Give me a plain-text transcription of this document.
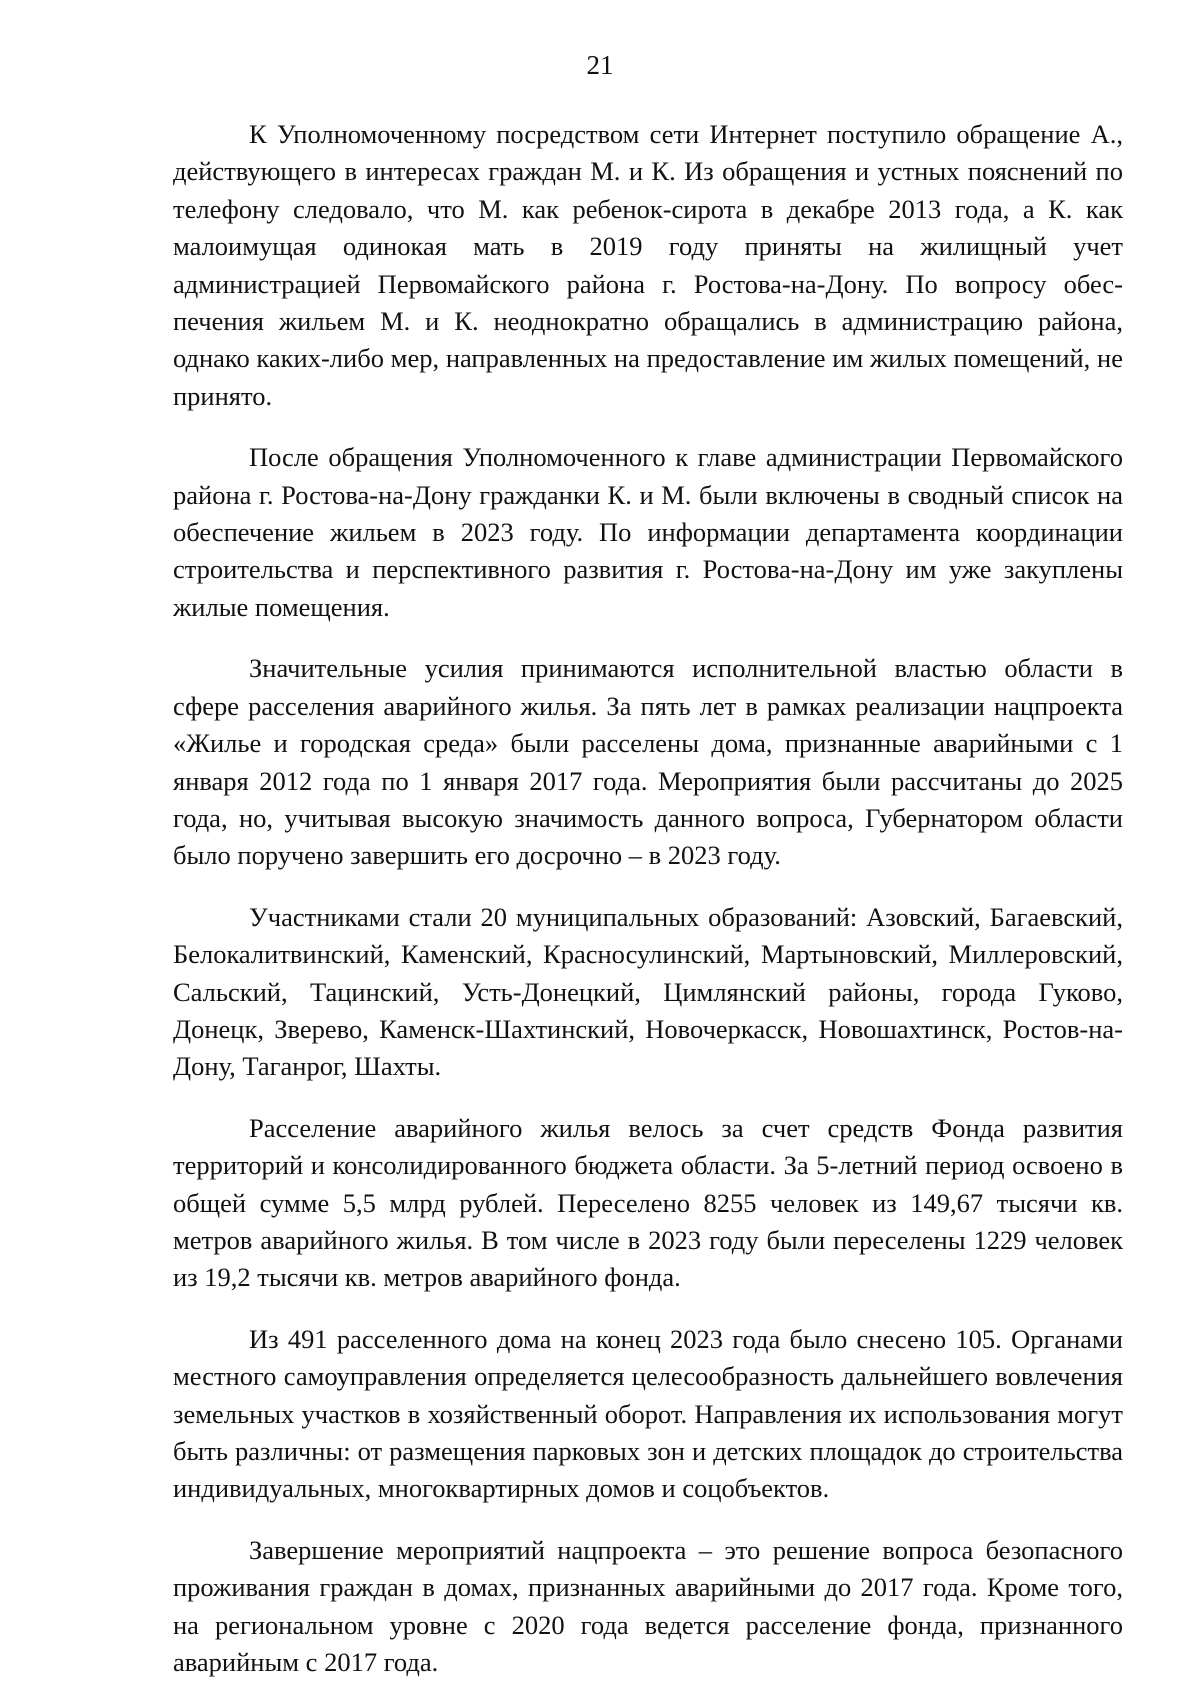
21

К Уполномоченному посредством сети Интернет поступило обращение А., действующего в интересах граждан М. и К. Из обращения и устных пояснений по телефону следовало, что М. как ребенок-сирота в декабре 2013 года, а К. как малоимущая одинокая мать в 2019 году приняты на жилищный учет администрацией Первомайского района г. Ростова-на-Дону. По вопросу обеспечения жильем М. и К. неоднократно обращались в администрацию района, однако каких-либо мер, направленных на предоставление им жилых помещений, не принято.

После обращения Уполномоченного к главе администрации Первомайского района г. Ростова-на-Дону гражданки К. и М. были включены в сводный список на обеспечение жильем в 2023 году. По информации департамента координации строительства и перспективного развития г. Ростова-на-Дону им уже закуплены жилые помещения.

Значительные усилия принимаются исполнительной властью области в сфере расселения аварийного жилья. За пять лет в рамках реализации нацпроекта «Жилье и городская среда» были расселены дома, признанные аварийными с 1 января 2012 года по 1 января 2017 года. Мероприятия были рассчитаны до 2025 года, но, учитывая высокую значимость данного вопроса, Губернатором области было поручено завершить его досрочно – в 2023 году.

Участниками стали 20 муниципальных образований: Азовский, Багаевский, Белокалитвинский, Каменский, Красносулинский, Мартыновский, Миллеровский, Сальский, Тацинский, Усть-Донецкий, Цимлянский районы, города Гуково, Донецк, Зверево, Каменск-Шахтинский, Новочеркасск, Новошахтинск, Ростов-на-Дону, Таганрог, Шахты.

Расселение аварийного жилья велось за счет средств Фонда развития территорий и консолидированного бюджета области. За 5-летний период освоено в общей сумме 5,5 млрд рублей. Переселено 8255 человек из 149,67 тысячи кв. метров аварийного жилья. В том числе в 2023 году были переселены 1229 человек из 19,2 тысячи кв. метров аварийного фонда.

Из 491 расселенного дома на конец 2023 года было снесено 105. Органами местного самоуправления определяется целесообразность дальнейшего вовлечения земельных участков в хозяйственный оборот. Направления их использования могут быть различны: от размещения парковых зон и детских площадок до строительства индивидуальных, многоквартирных домов и соцобъектов.

Завершение мероприятий нацпроекта – это решение вопроса безопасного проживания граждан в домах, признанных аварийными до 2017 года. Кроме того, на региональном уровне с 2020 года ведется расселение фонда, признанного аварийным с 2017 года.
